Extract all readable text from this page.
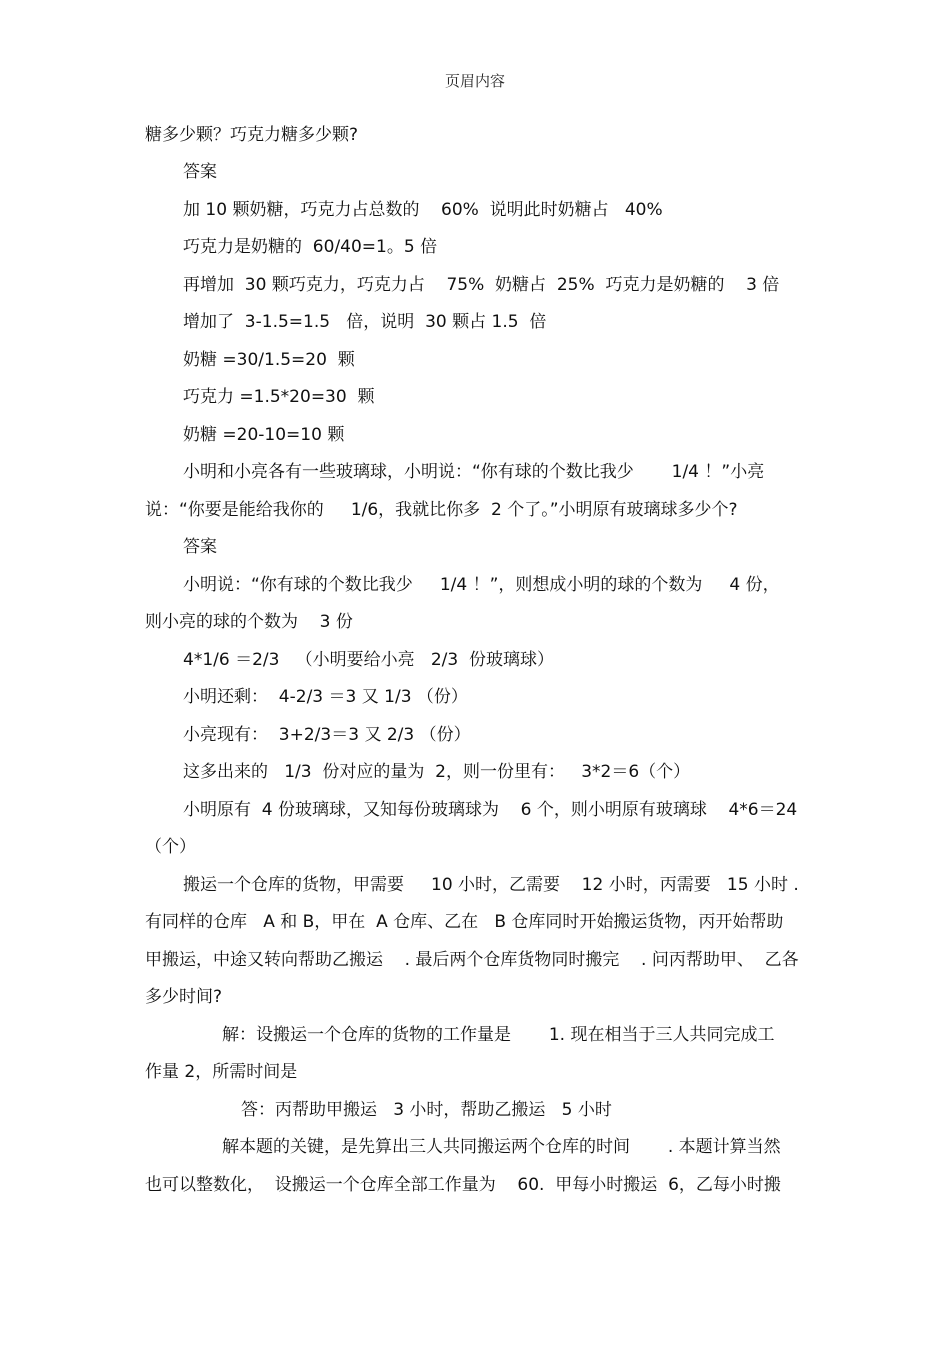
页眉内容
糖多少颗？巧克力糖多少颗?
答案
加 10 颗奶糖，巧克力占总数的    60%  说明此时奶糖占   40%
巧克力是奶糖的  60/40=1。5 倍
再增加  30 颗巧克力，巧克力占    75%  奶糖占  25%  巧克力是奶糖的    3 倍
增加了  3-1.5=1.5   倍，说明  30 颗占 1.5  倍
奶糖 =30/1.5=20  颗
巧克力 =1.5*20=30  颗
奶糖 =20-10=10 颗
小明和小亮各有一些玻璃球，小明说：“你有球的个数比我少       1/4 ！”小亮
说：“你要是能给我你的     1/6，我就比你多  2 个了。”小明原有玻璃球多少个?
答案
小明说：“你有球的个数比我少     1/4 ！”，则想成小明的球的个数为     4 份，
则小亮的球的个数为    3 份
4*1/6 ＝2/3   （小明要给小亮   2/3  份玻璃球）
小明还剩：  4-2/3 ＝3 又 1/3 （份）
小亮现有：  3+2/3＝3 又 2/3 （份）
这多出来的   1/3  份对应的量为  2，则一份里有：   3*2＝6（个）
小明原有  4 份玻璃球，又知每份玻璃球为    6 个，则小明原有玻璃球    4*6＝24
（个）
搬运一个仓库的货物，甲需要     10 小时，乙需要    12 小时，丙需要   15 小时 .
有同样的仓库   A 和 B，甲在  A 仓库、乙在   B 仓库同时开始搬运货物，丙开始帮助
甲搬运，中途又转向帮助乙搬运    . 最后两个仓库货物同时搬完    . 问丙帮助甲、  乙各
多少时间?
解：设搬运一个仓库的货物的工作量是       1. 现在相当于三人共同完成工
作量 2，所需时间是
答：丙帮助甲搬运   3 小时，帮助乙搬运   5 小时
解本题的关键，是先算出三人共同搬运两个仓库的时间       . 本题计算当然
也可以整数化，  设搬运一个仓库全部工作量为    60.  甲每小时搬运  6，乙每小时搬
